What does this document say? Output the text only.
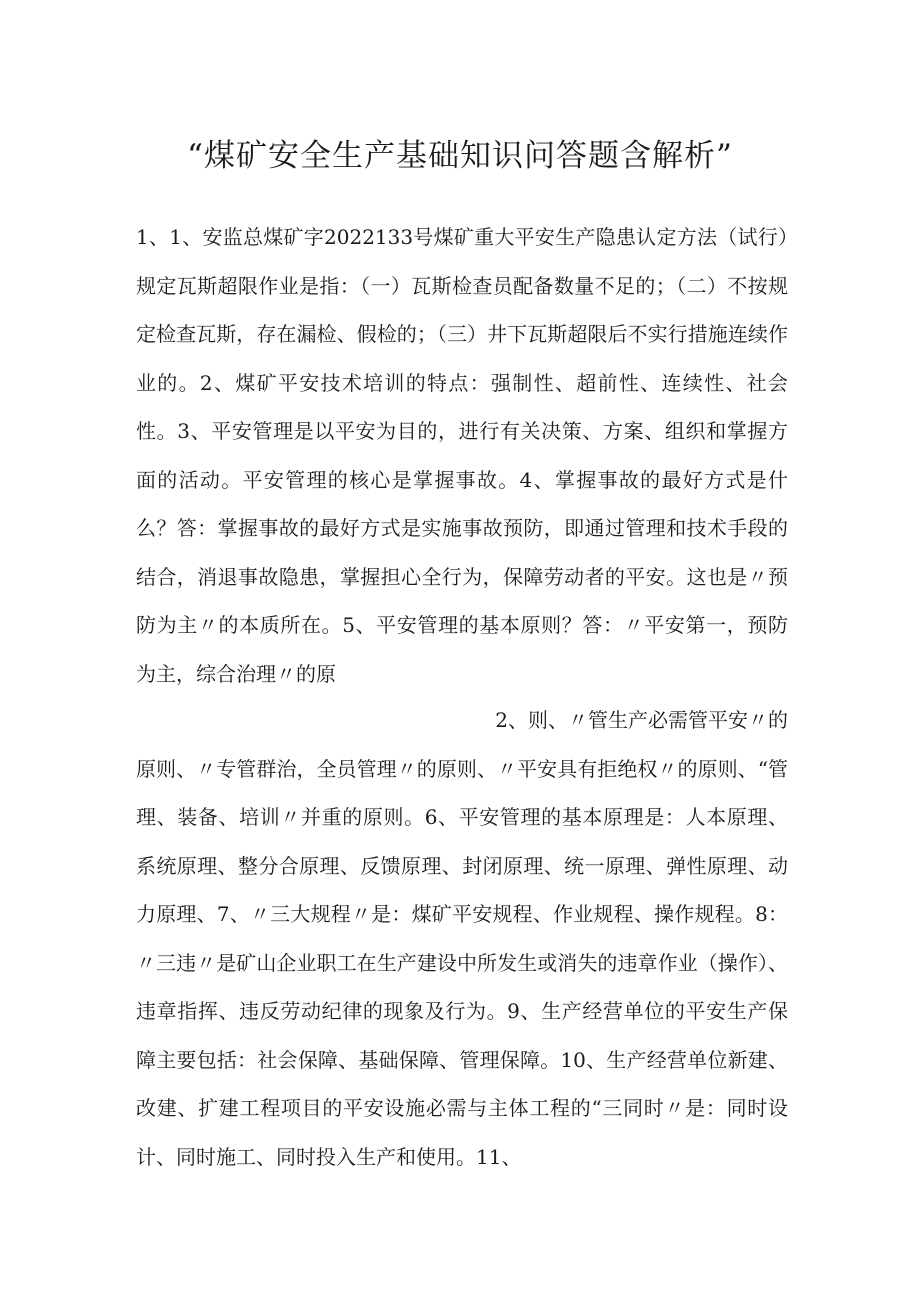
“煤矿安全生产基础知识问答题含解析”

1、1、安监总煤矿字2022133号煤矿重大平安生产隐患认定方法（试行）规定瓦斯超限作业是指：（一）瓦斯检查员配备数量不足的；（二）不按规定检查瓦斯，存在漏检、假检的；（三）井下瓦斯超限后不实行措施连续作业的。2、煤矿平安技术培训的特点：强制性、超前性、连续性、社会性。3、平安管理是以平安为目的，进行有关决策、方案、组织和掌握方面的活动。平安管理的核心是掌握事故。4、掌握事故的最好方式是什么？答：掌握事故的最好方式是实施事故预防，即通过管理和技术手段的结合，消退事故隐患，掌握担心全行为，保障劳动者的平安。这也是〃预防为主〃的本质所在。5、平安管理的基本原则？答：〃平安第一，预防为主，综合治理〃的原

2、则、〃管生产必需管平安〃的
原则、〃专管群治，全员管理〃的原则、〃平安具有拒绝权〃的原则、“管理、装备、培训〃并重的原则。6、平安管理的基本原理是：人本原理、系统原理、整分合原理、反馈原理、封闭原理、统一原理、弹性原理、动力原理、7、〃三大规程〃是：煤矿平安规程、作业规程、操作规程。8：〃三违〃是矿山企业职工在生产建设中所发生或消失的违章作业（操作）、违章指挥、违反劳动纪律的现象及行为。9、生产经营单位的平安生产保障主要包括：社会保障、基础保障、管理保障。10、生产经营单位新建、改建、扩建工程项目的平安设施必需与主体工程的“三同时〃是：同时设计、同时施工、同时投入生产和使用。11、
